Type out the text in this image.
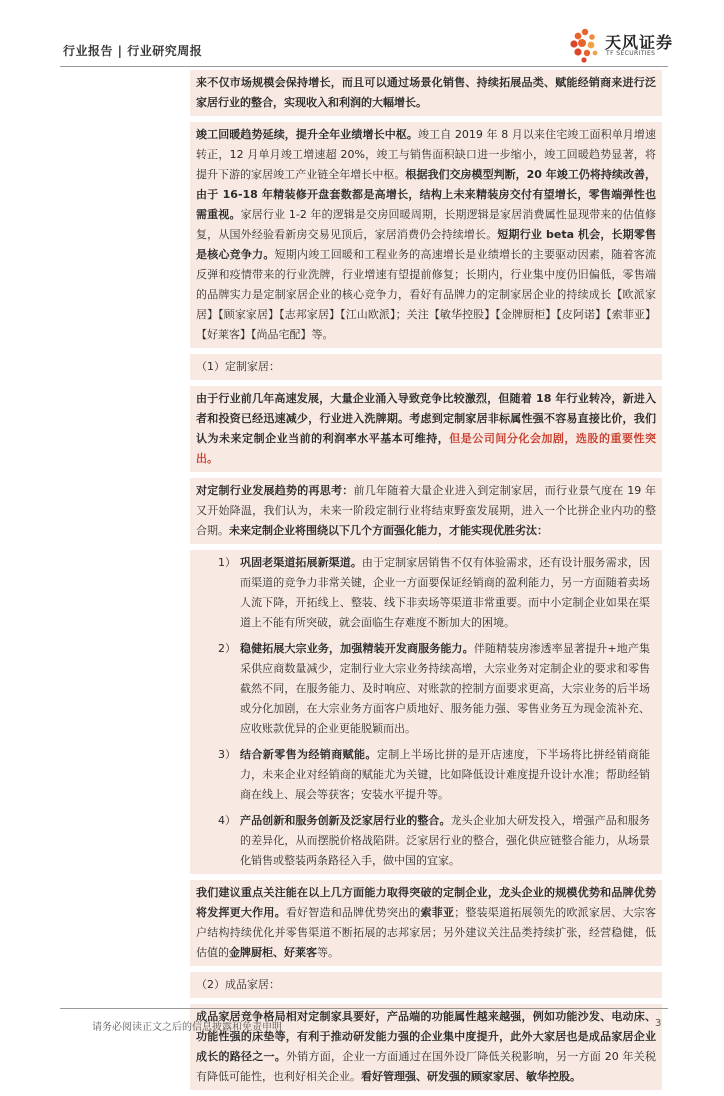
行业报告 | 行业研究周报	天风证券
TF SECURITIES
来不仅市场规模会保持增长，而且可以通过场景化销售、持续拓展品类、赋能经销商来进行泛家居行业的整合，实现收入和利润的大幅增长。
竣工回暖趋势延续，提升全年业绩增长中枢。竣工自 2019 年 8 月以来住宅竣工面积单月增速转正，12 月单月竣工增速超 20%，竣工与销售面积缺口进一步缩小，竣工回暖趋势显著，将提升下游的家居竣工产业链全年增长中枢。根据我们交房模型判断，20 年竣工仍将持续改善，由于 16-18 年精装修开盘套数都是高增长，结构上未来精装房交付有望增长，零售端弹性也需重视。家居行业 1-2 年的逻辑是交房回暖周期，长期逻辑是家居消费属性显现带来的估值修复，从国外经验看新房交易见顶后，家居消费仍会持续增长。短期行业 beta 机会，长期零售是核心竞争力。短期内竣工回暖和工程业务的高速增长是业绩增长的主要驱动因素，随着客流反弹和疫情带来的行业洗牌，行业增速有望提前修复；长期内，行业集中度仍旧偏低，零售端的品牌实力是定制家居企业的核心竞争力，看好有品牌力的定制家居企业的持续成长【欧派家居】【顾家家居】【志邦家居】【江山欧派】；关注【敏华控股】【金牌厨柜】【皮阿诺】【索菲亚】【好莱客】【尚品宅配】等。
（1）定制家居：
由于行业前几年高速发展，大量企业涌入导致竞争比较激烈，但随着 18 年行业转冷，新进入者和投资已经迅速减少，行业进入洗牌期。考虑到定制家居非标属性强不容易直接比价，我们认为未来定制企业当前的利润率水平基本可维持，但是公司间分化会加剧，选股的重要性突出。
对定制行业发展趋势的再思考：前几年随着大量企业进入到定制家居，而行业景气度在 19 年又开始降温，我们认为，未来一阶段定制行业将结束野蛮发展期，进入一个比拼企业内功的整合期。未来定制企业将围绕以下几个方面强化能力，才能实现优胜劣汰：
1） 巩固老渠道拓展新渠道。由于定制家居销售不仅有体验需求，还有设计服务需求，因而渠道的竞争力非常关键，企业一方面要保证经销商的盈利能力，另一方面随着卖场人流下降，开拓线上、整装、线下非卖场等渠道非常重要。而中小定制企业如果在渠道上不能有所突破，就会面临生存难度不断加大的困境。
2） 稳健拓展大宗业务，加强精装开发商服务能力。伴随精装房渗透率显著提升+地产集采供应商数量减少，定制行业大宗业务持续高增，大宗业务对定制企业的要求和零售截然不同，在服务能力、及时响应、对账款的控制方面要求更高，大宗业务的后半场或分化加剧，在大宗业务方面客户质地好、服务能力强、零售业务互为现金流补充、应收账款优异的企业更能脱颖而出。
3） 结合新零售为经销商赋能。定制上半场比拼的是开店速度，下半场将比拼经销商能力，未来企业对经销商的赋能尤为关键，比如降低设计难度提升设计水准；帮助经销商在线上、展会等获客；安装水平提升等。
4） 产品创新和服务创新及泛家居行业的整合。龙头企业加大研发投入，增强产品和服务的差异化，从而摆脱价格战陷阱。泛家居行业的整合，强化供应链整合能力，从场景化销售或整装两条路径入手，做中国的宜家。
我们建议重点关注能在以上几方面能力取得突破的定制企业，龙头企业的规模优势和品牌优势将发挥更大作用。看好智造和品牌优势突出的索菲亚；整装渠道拓展领先的欧派家居、大宗客户结构持续优化并零售渠道不断拓展的志邦家居；另外建议关注品类持续扩张，经营稳健，低估值的金牌厨柜、好莱客等。
（2）成品家居：
成品家居竞争格局相对定制家具要好，产品端的功能属性越来越强，例如功能沙发、电动床、功能性强的床垫等，有利于推动研发能力强的企业集中度提升，此外大家居也是成品家居企业成长的路径之一。外销方面，企业一方面通过在国外设厂降低关税影响，另一方面 20 年关税有降低可能性，也利好相关企业。看好管理强、研发强的顾家家居、敏华控股。
请务必阅读正文之后的信息披露和免责申明	3
